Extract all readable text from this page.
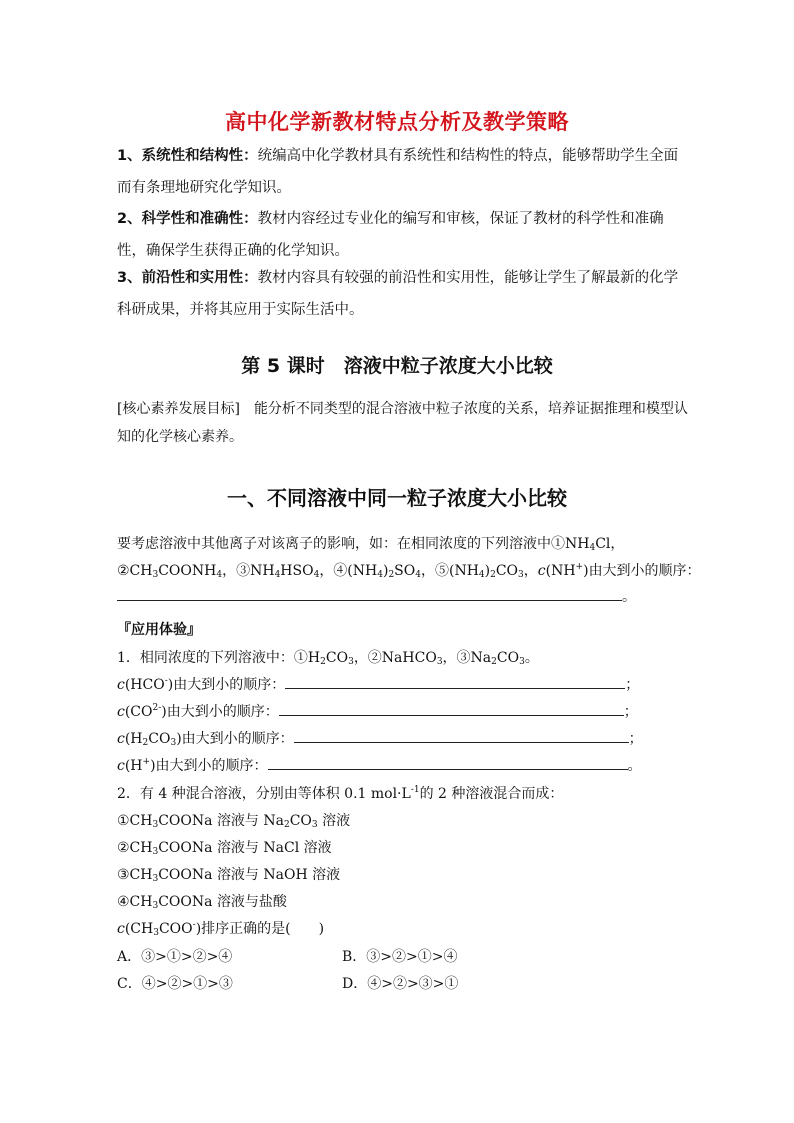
高中化学新教材特点分析及教学策略
1、系统性和结构性：统编高中化学教材具有系统性和结构性的特点，能够帮助学生全面而有条理地研究化学知识。
2、科学性和准确性：教材内容经过专业化的编写和审核，保证了教材的科学性和准确性，确保学生获得正确的化学知识。
3、前沿性和实用性：教材内容具有较强的前沿性和实用性，能够让学生了解最新的化学科研成果，并将其应用于实际生活中。
第 5 课时　溶液中粒子浓度大小比较
[核心素养发展目标]　 能分析不同类型的混合溶液中粒子浓度的关系，培养证据推理和模型认知的化学核心素养。
一、不同溶液中同一粒子浓度大小比较
要考虑溶液中其他离子对该离子的影响，如：在相同浓度的下列溶液中$①NH_4Cl$，
$②CH_3COONH_4$，$③NH_4HSO_4$，$④(NH_4)_2SO_4$，$⑤(NH_4)_2CO_3$，c(NH+)由大到小的顺序：
。
『应用体验』
1．相同浓度的下列溶液中：$①H_2CO_3$，②NaHCO$_3$，$③Na_2CO_3$。
c(HCO-)由大到小的顺序：	；
$c(CO^{2-})$由大到小的顺序：	；
$c(H_2CO_3)$由大到小的顺序：	；
c(H+)由大到小的顺序：	。
2．有 4 种混合溶液，分别由等体积 0.1 $mol\cdot L^{-1}$的 2 种溶液混合而成：
$①CH_3COONa$ 溶液与 $Na_2CO_3$ 溶液
$②CH_3COONa$ 溶液与 NaCl 溶液
$③CH_3COONa$ 溶液与 NaOH 溶液
$④CH_3COONa$ 溶液与盐酸
$c(CH_3COO^-)$排序正确的是(　　)
A．③>①>②>④	B．③>②>①>④
C．④>②>①>③	D．④>②>③>①
